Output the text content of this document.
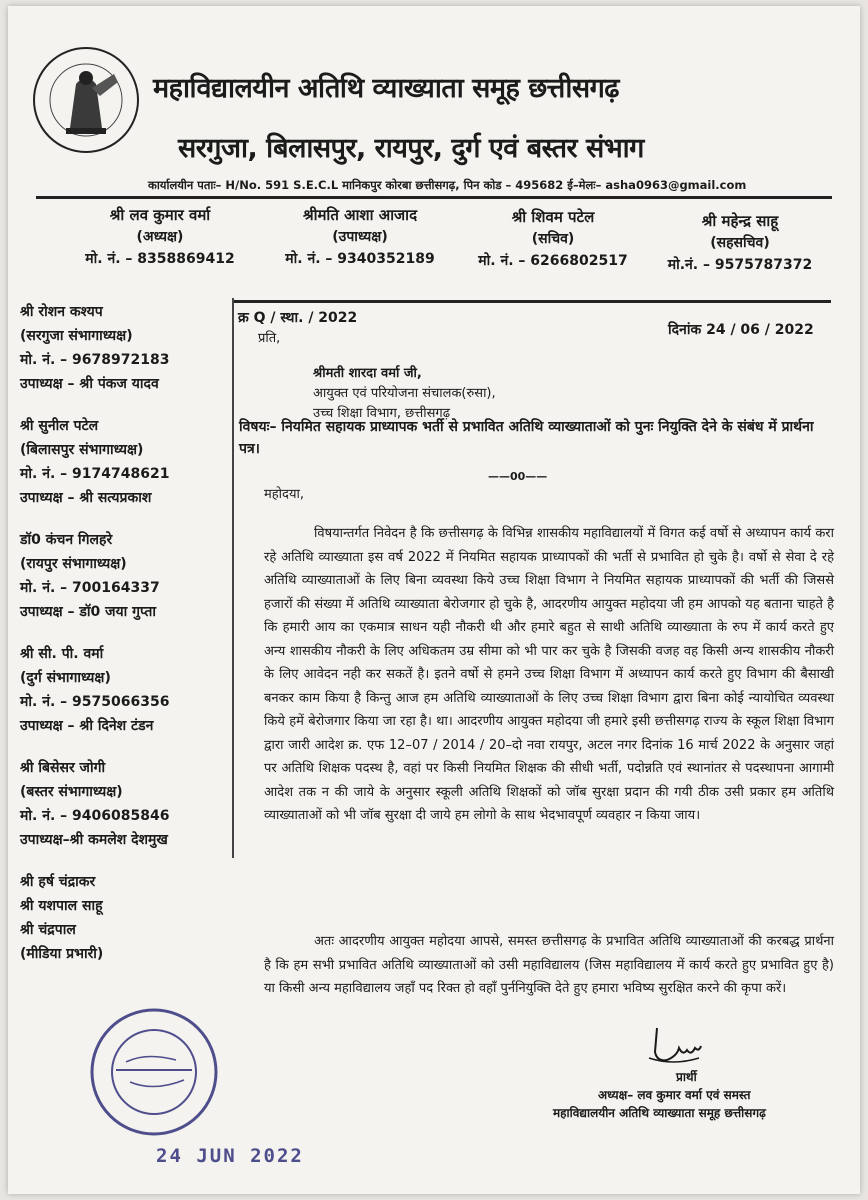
महाविद्यालयीन अतिथि व्याख्याता समूह छत्तीसगढ़
सरगुजा, बिलासपुर, रायपुर, दुर्ग एवं बस्तर संभाग
कार्यालयीन पताः– H/No. 591 S.E.C.L मानिकपुर कोरबा छत्तीसगढ़, पिन कोड – 495682 ई–मेलः– asha0963@gmail.com
श्री लव कुमार वर्मा
(अध्यक्ष)
मो. नं. – 8358869412
श्रीमति आशा आजाद
(उपाध्यक्ष)
मो. नं. – 9340352189
श्री शिवम पटेल
(सचिव)
मो. नं. – 6266802517
श्री महेन्द्र साहू
(सहसचिव)
मो.नं. – 9575787372
श्री रोशन कश्यप
(सरगुजा संभागाध्यक्ष)
मो. नं. – 9678972183
उपाध्यक्ष – श्री पंकज यादव
श्री सुनील पटेल
(बिलासपुर संभागाध्यक्ष)
मो. नं. – 9174748621
उपाध्यक्ष – श्री सत्यप्रकाश
डॉ0 कंचन गिलहरे
(रायपुर संभागाध्यक्ष)
मो. नं. – 700164337
उपाध्यक्ष – डॉ0 जया गुप्ता
श्री सी. पी. वर्मा
(दुर्ग संभागाध्यक्ष)
मो. नं. – 9575066356
उपाध्यक्ष – श्री दिनेश टंडन
श्री बिसेसर जोगी
(बस्तर संभागाध्यक्ष)
मो. नं. – 9406085846
उपाध्यक्ष–श्री कमलेश देशमुख
श्री हर्ष चंद्राकर
श्री यशपाल साहू
श्री चंद्रपाल
(मीडिया प्रभारी)
क्र Q / स्था. / 2022
दिनांक 24 / 06 / 2022
प्रति,
श्रीमती शारदा वर्मा जी,
आयुक्त एवं परियोजना संचालक(रुसा),
उच्च शिक्षा विभाग, छत्तीसगढ़
विषयः– नियमित सहायक प्राध्यापक भर्ती से प्रभावित अतिथि व्याख्याताओं को पुनः नियुक्ति देने के संबंध में प्रार्थना पत्र।
——00——
महोदया,
विषयान्तर्गत निवेदन है कि छत्तीसगढ़ के विभिन्न शासकीय महाविद्यालयों में विगत कई वर्षो से अध्यापन कार्य करा रहे अतिथि व्याख्याता इस वर्ष 2022 में नियमित सहायक प्राध्यापकों की भर्ती से प्रभावित हो चुके है। वर्षो से सेवा दे रहे अतिथि व्याख्याताओं के लिए बिना व्यवस्था किये उच्च शिक्षा विभाग ने नियमित सहायक प्राध्यापकों की भर्ती की जिससे हजारों की संख्या में अतिथि व्याख्याता बेरोजगार हो चुके है, आदरणीय आयुक्त महोदया जी हम आपको यह बताना चाहते है कि हमारी आय का एकमात्र साधन यही नौकरी थी और हमारे बहुत से साथी अतिथि व्याख्याता के रुप में कार्य करते हुए अन्य शासकीय नौकरी के लिए अधिकतम उम्र सीमा को भी पार कर चुके है जिसकी वजह वह किसी अन्य शासकीय नौकरी के लिए आवेदन नही कर सकतें है। इतने वर्षो से हमने उच्च शिक्षा विभाग में अध्यापन कार्य करते हुए विभाग की बैसाखी बनकर काम किया है किन्तु आज हम अतिथि व्याख्याताओं के लिए उच्च शिक्षा विभाग द्वारा बिना कोई न्यायोचित व्यवस्था किये हमें बेरोजगार किया जा रहा है। था। आदरणीय आयुक्त महोदया जी हमारे इसी छत्तीसगढ़ राज्य के स्कूल शिक्षा विभाग द्वारा जारी आदेश क्र. एफ 12–07 / 2014 / 20–दो नवा रायपुर, अटल नगर दिनांक 16 मार्च 2022 के अनुसार जहां पर अतिथि शिक्षक पदस्थ है, वहां पर किसी नियमित शिक्षक की सीधी भर्ती, पदोन्नति एवं स्थानांतर से पदस्थापना आगामी आदेश तक न की जाये के अनुसार स्कूली अतिथि शिक्षकों को जॉब सुरक्षा प्रदान की गयी ठीक उसी प्रकार हम अतिथि व्याख्याताओं को भी जॉब सुरक्षा दी जाये हम लोगो के साथ भेदभावपूर्ण व्यवहार न किया जाय।
अतः आदरणीय आयुक्त महोदया आपसे, समस्त छत्तीसगढ़ के प्रभावित अतिथि व्याख्याताओं की करबद्ध प्रार्थना है कि हम सभी प्रभावित अतिथि व्याख्याताओं को उसी महाविद्यालय (जिस महाविद्यालय में कार्य करते हुए प्रभावित हुए है) या किसी अन्य महाविद्यालय जहाँ पद रिक्त हो वहाँ पुर्ननियुक्ति देते हुए हमारा भविष्य सुरक्षित करने की कृपा करें।
प्रार्थी
अध्यक्ष– लव कुमार वर्मा एवं समस्त
महाविद्यालयीन अतिथि व्याख्याता समूह छत्तीसगढ़
24 JUN 2022
